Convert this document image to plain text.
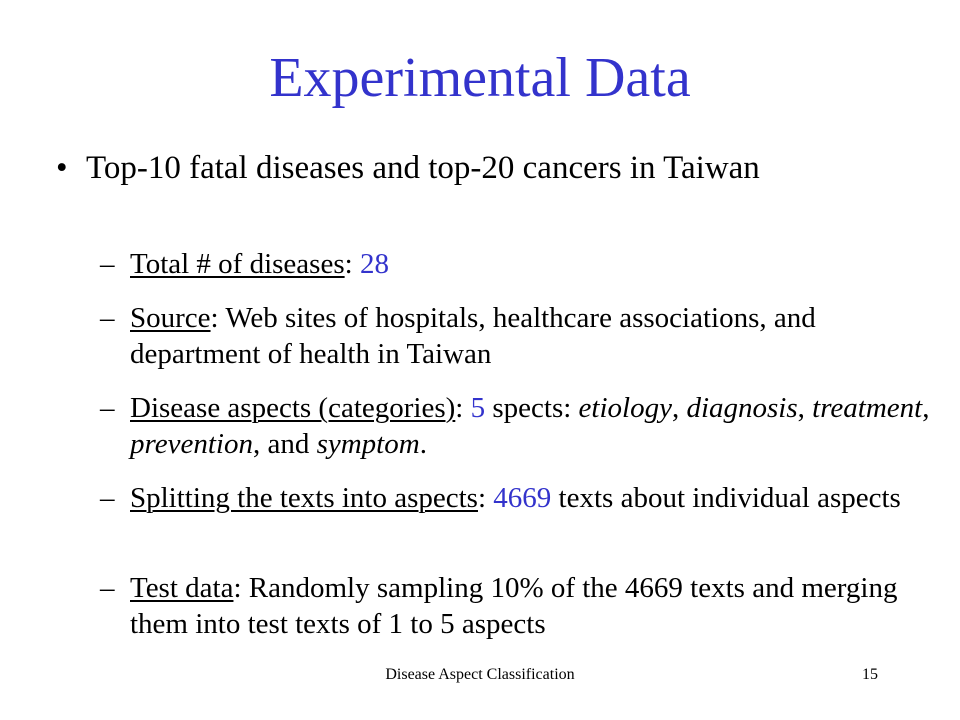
Experimental Data
• Top-10 fatal diseases and top-20 cancers in Taiwan
– Total # of diseases: 28
– Source: Web sites of hospitals, healthcare associations, and department of health in Taiwan
– Disease aspects (categories): 5 spects: etiology, diagnosis, treatment, prevention, and symptom.
– Splitting the texts into aspects: 4669 texts about individual aspects
– Test data: Randomly sampling 10% of the 4669 texts and merging them into test texts of 1 to 5 aspects
Disease Aspect Classification	15
